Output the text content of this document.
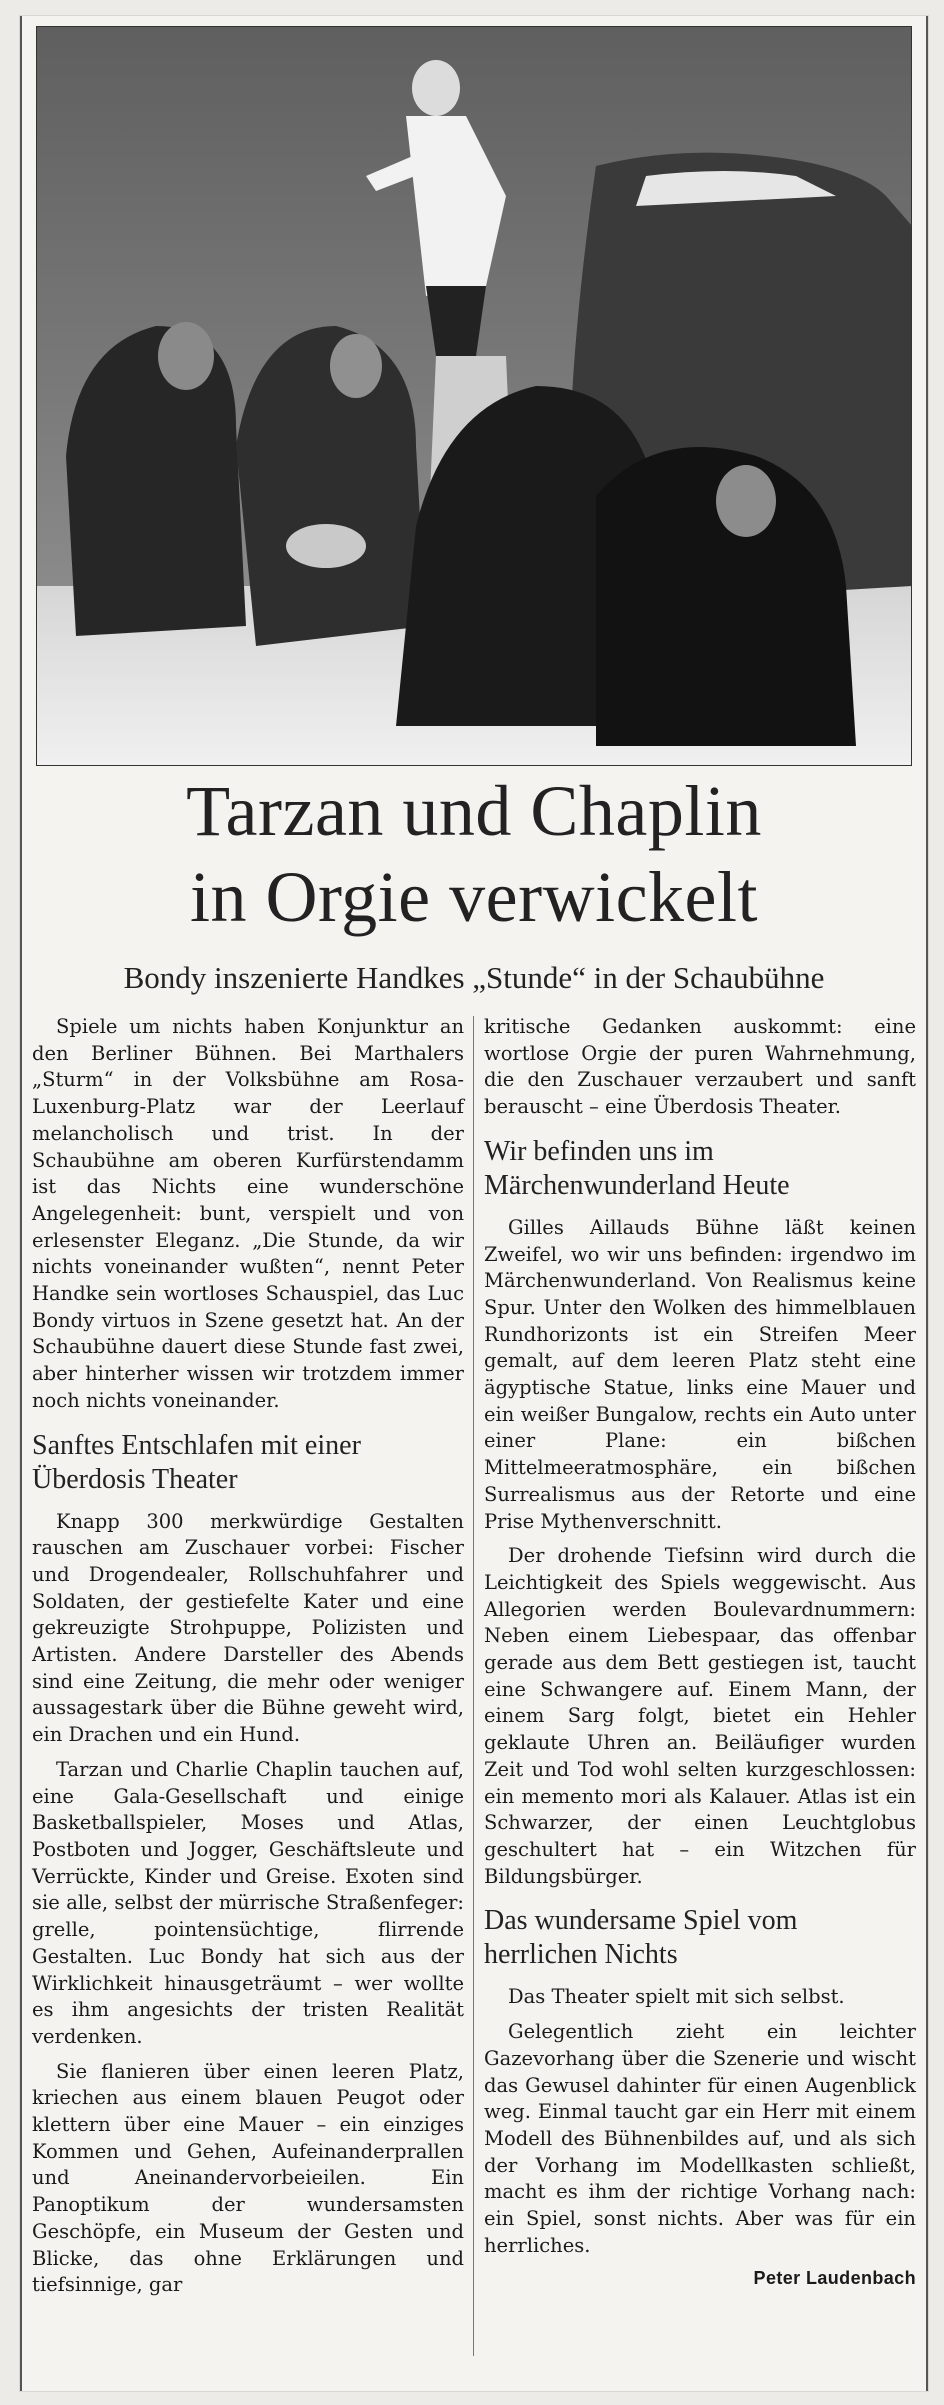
Tarzan und Chaplin
in Orgie verwickelt
Bondy inszenierte Handkes „Stunde“ in der Schaubühne

Spiele um nichts haben Konjunktur an den Berliner Bühnen. Bei Marthalers „Sturm“ in der Volksbühne am Rosa-Luxenburg-Platz war der Leerlauf melancholisch und trist. In der Schaubühne am oberen Kurfürstendamm ist das Nichts eine wunderschöne Angelegenheit: bunt, verspielt und von erlesenster Eleganz. „Die Stunde, da wir nichts voneinander wußten“, nennt Peter Handke sein wortloses Schauspiel, das Luc Bondy virtuos in Szene gesetzt hat. An der Schaubühne dauert diese Stunde fast zwei, aber hinterher wissen wir trotzdem immer noch nichts voneinander.

Sanftes Entschlafen mit einer Überdosis Theater

Knapp 300 merkwürdige Gestalten rauschen am Zuschauer vorbei: Fischer und Drogendealer, Rollschuhfahrer und Soldaten, der gestiefelte Kater und eine gekreuzigte Strohpuppe, Polizisten und Artisten. Andere Darsteller des Abends sind eine Zeitung, die mehr oder weniger aussagestark über die Bühne geweht wird, ein Drachen und ein Hund.

Tarzan und Charlie Chaplin tauchen auf, eine Gala-Gesellschaft und einige Basketballspieler, Moses und Atlas, Postboten und Jogger, Geschäftsleute und Verrückte, Kinder und Greise. Exoten sind sie alle, selbst der mürrische Straßenfeger: grelle, pointensüchtige, flirrende Gestalten. Luc Bondy hat sich aus der Wirklichkeit hinausgeträumt – wer wollte es ihm angesichts der tristen Realität verdenken.

Sie flanieren über einen leeren Platz, kriechen aus einem blauen Peugot oder klettern über eine Mauer – ein einziges Kommen und Gehen, Aufeinanderprallen und Aneinandervorbeieilen. Ein Panoptikum der wundersamsten Geschöpfe, ein Museum der Gesten und Blicke, das ohne Erklärungen und tiefsinnige, gar

kritische Gedanken auskommt: eine wortlose Orgie der puren Wahrnehmung, die den Zuschauer verzaubert und sanft berauscht – eine Überdosis Theater.

Wir befinden uns im Märchenwunderland Heute

Gilles Aillauds Bühne läßt keinen Zweifel, wo wir uns befinden: irgendwo im Märchenwunderland. Von Realismus keine Spur. Unter den Wolken des himmelblauen Rundhorizonts ist ein Streifen Meer gemalt, auf dem leeren Platz steht eine ägyptische Statue, links eine Mauer und ein weißer Bungalow, rechts ein Auto unter einer Plane: ein bißchen Mittelmeeratmosphäre, ein bißchen Surrealismus aus der Retorte und eine Prise Mythenverschnitt.

Der drohende Tiefsinn wird durch die Leichtigkeit des Spiels weggewischt. Aus Allegorien werden Boulevardnummern: Neben einem Liebespaar, das offenbar gerade aus dem Bett gestiegen ist, taucht eine Schwangere auf. Einem Mann, der einem Sarg folgt, bietet ein Hehler geklaute Uhren an. Beiläufiger wurden Zeit und Tod wohl selten kurzgeschlossen: ein memento mori als Kalauer. Atlas ist ein Schwarzer, der einen Leuchtglobus geschultert hat – ein Witzchen für Bildungsbürger.

Das wundersame Spiel vom herrlichen Nichts

Das Theater spielt mit sich selbst.

Gelegentlich zieht ein leichter Gazevorhang über die Szenerie und wischt das Gewusel dahinter für einen Augenblick weg. Einmal taucht gar ein Herr mit einem Modell des Bühnenbildes auf, und als sich der Vorhang im Modellkasten schließt, macht es ihm der richtige Vorhang nach: ein Spiel, sonst nichts. Aber was für ein herrliches.

Peter Laudenbach
